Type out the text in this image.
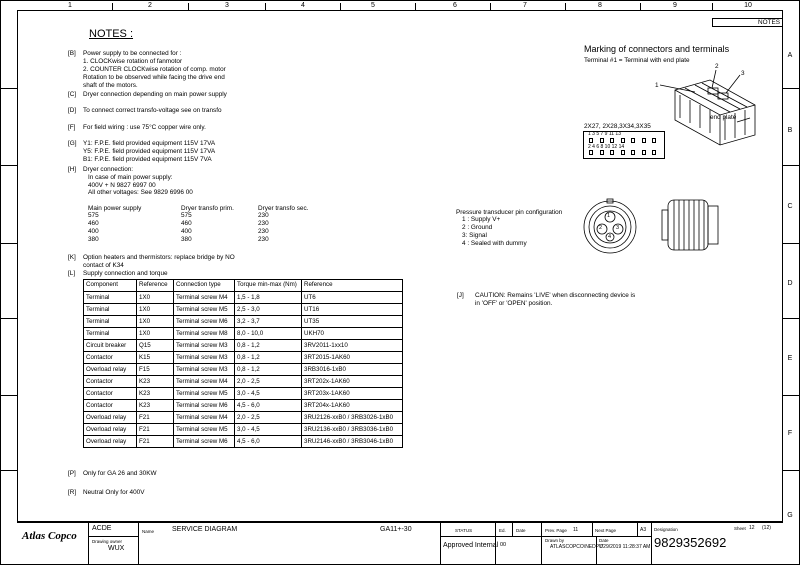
1	2	3	4	5	6	7	8	9	10
NOTES
A
B
C
D
E
F
G
NOTES :
[B] Power supply to be connected for :
1. CLOCKwise rotation of fanmotor
2. COUNTER CLOCKwise rotation of comp. motor
Rotation to be observed while facing the drive end
shaft of the motors.
[C] Dryer connection depending on main power supply
[D] To connect correct transfo-voltage see on transfo
[F] For field wiring : use 75°C copper wire only.
[G] Y1: F.P.E. field provided equipment 115V 17VA
Y5: F.P.E. field provided equipment 115V 17VA
B1: F.P.E. field provided equipment 115V 7VA
[H] Dryer connection:
In case of main power supply:
400V + N 9827 6997 00
All other voltages: See 9829 6996 00
Main power supply	Dryer transfo prim.	Dryer transfo sec.
575	575	230
460	460	230
400	400	230
380	380	230
[K] Option heaters and thermistors: replace bridge by NO
contact of K34
[L] Supply connection and torque
Component	Reference	Connection type	Torque min-max (Nm)	Reference
Terminal	1X0	Terminal screw M4	1,5 - 1,8	UT6
Terminal	1X0	Terminal screw M5	2,5 - 3,0	UT16
Terminal	1X0	Terminal screw M6	3,2 - 3,7	UT35
Terminal	1X0	Terminal screw M8	8,0 - 10,0	UKH70
Circuit breaker	Q15	Terminal screw M3	0,8 - 1,2	3RV2011-1xx10
Contactor	K15	Terminal screw M3	0,8 - 1,2	3RT2015-1AK60
Overload relay	F15	Terminal screw M3	0,8 - 1,2	3RB3016-1xB0
Contactor	K23	Terminal screw M4	2,0 - 2,5	3RT202x-1AK60
Contactor	K23	Terminal screw M5	3,0 - 4,5	3RT203x-1AK60
Contactor	K23	Terminal screw M6	4,5 - 6,0	3RT204x-1AK60
Overload relay	F21	Terminal screw M4	2,0 - 2,5	3RU2126-xxB0 / 3RB3026-1xB0
Overload relay	F21	Terminal screw M5	3,0 - 4,5	3RU2136-xxB0 / 3RB3036-1xB0
Overload relay	F21	Terminal screw M6	4,5 - 6,0	3RU2146-xxB0 / 3RB3046-1xB0
[P] Only for GA 26 and 30KW
[R] Neutral Only for 400V
[J] CAUTION: Remains 'LIVE' when disconnecting device is
in 'OFF' or 'OPEN' position.
Marking of connectors and terminals
Terminal #1 = Terminal with end plate
1
2
3
end plate
2X27, 2X28,3X34,3X35
1 3 5 7 9 11 13
2 4 6 8 10 12 14
Pressure transducer pin configuration
1 : Supply V+
2 : Ground
3: Signal
4 : Sealed with dummy
1
2	3
4
Atlas Copco
ACDE
Drawing owner
WUX
Name	SERVICE DIAGRAM	GA11+-30	STATUS
Approved Internal
Ed.
00
Date	Prev. Page 11	Next Page	A3
Drawn by
ATLASCOPCO\NEDPU
Date
7/29/2019 11:28:37 AM
Designation
9829352692
Sheet 12 (12)
